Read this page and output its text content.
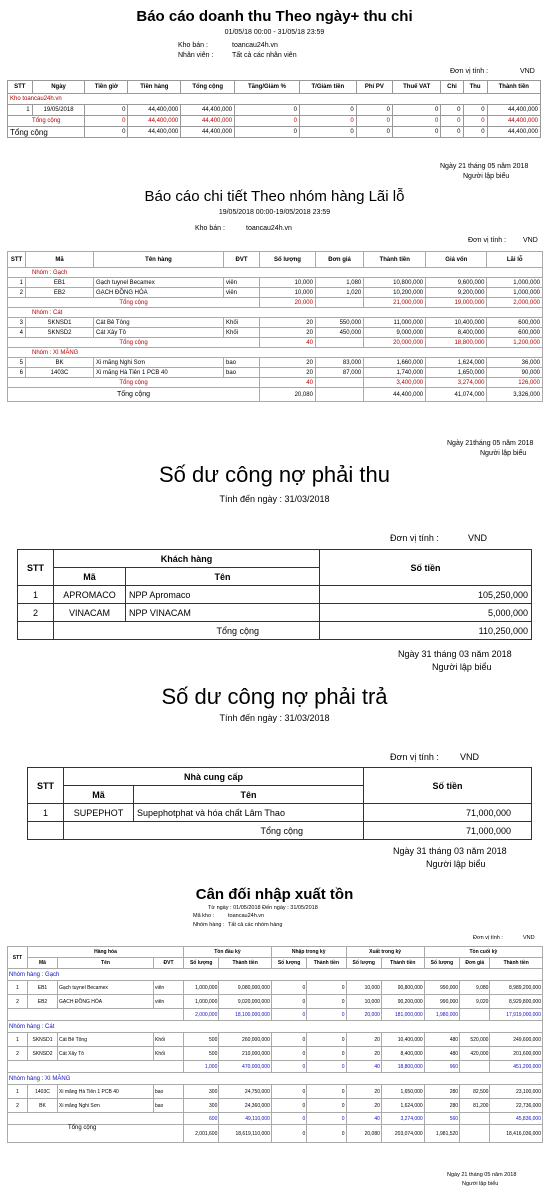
Báo cáo doanh thu Theo ngày+ thu chi
01/05/18 00:00 - 31/05/18 23:59
Kho bán :	toancau24h.vn
Nhân viên :	Tất cả các nhân viên
Đơn vị tính :	VND
STT	Ngày	Tiền giờ	Tiền hàng	Tổng cộng	Tăng/Giảm %	T/Giảm tiền	Phí PV	Thuế VAT	Chi	Thu	Thành tiền
Kho toancau24h.vn											
1	19/05/2018	0	44,400,000	44,400,000	0	0	0	0	0	0	44,400,000
Tổng cộng		0	44,400,000	44,400,000	0	0	0	0	0	0	44,400,000
Tổng cộng		0	44,400,000	44,400,000	0	0	0	0	0	0	44,400,000
Ngày 21 tháng 05 năm 2018
Người lập biểu
Báo cáo chi tiết Theo nhóm hàng Lãi lỗ
19/05/2018 00:00-19/05/2018 23:59
Kho bán :	toancau24h.vn
Đơn vị tính : VND
STT	Mã	Tên hàng	ĐVT	Số lượng	Đơn giá	Thành tiền	Giá vốn	Lãi lỗ
Nhóm : Gạch								
1	EB1	Gạch tuynel Becamex	viên	10,000	1,080	10,800,000	9,600,000	1,000,000
2	EB2	GẠCH ĐỒNG HÓA	viên	10,000	1,020	10,200,000	9,200,000	1,000,000
Tổng cộng				20,000		21,000,000	19,000,000	2,000,000
Nhóm : Cát								
3	SKNSD1	Cát Bê Tông	Khối	20	550,000	11,000,000	10,400,000	600,000
4	SKNSD2	Cát Xây Tô	Khối	20	450,000	9,000,000	8,400,000	600,000
Tổng cộng				40		20,000,000	18,800,000	1,200,000
Nhóm : XI MĂNG								
5	BK	Xi măng Nghi Sơn	bao	20	83,000	1,660,000	1,624,000	36,000
6	1403C	Xi măng Hà Tiên 1 PCB 40	bao	20	87,000	1,740,000	1,650,000	90,000
Tổng cộng				40		3,400,000	3,274,000	126,000
Tổng cộng				20,080		44,400,000	41,074,000	3,326,000
Ngày 21tháng 05 năm 2018
Người lập biểu
Số dư công nợ phải thu
Tính đến ngày : 31/03/2018
Đơn vị tính :	VND
STT	Khách hàng		Số tiền
	Mã	Tên	
1	APROMACO	NPP Apromaco	105,250,000
2	VINACAM	NPP VINACAM	5,000,000
	Tổng cộng		110,250,000
Ngày 31 tháng 03 năm 2018
Người lập biểu
Số dư công nợ phải trả
Tính đến ngày : 31/03/2018
Đơn vị tính : VND
STT	Nhà cung cấp		Số tiền
	Mã	Tên	
1	SUPEPHOT	Supephotphat và hóa chất Lâm Thao	71,000,000
	Tổng cộng		71,000,000
Ngày 31 tháng 03 năm 2018
Người lập biểu
Cân đối nhập xuất tồn
Từ ngày : 01/05/2018 Đến ngày : 31/05/2018
Mã kho :	toancau24h.vn
Nhóm hàng : Tất cả các nhóm hàng
Đơn vị tính :	VND
STT	Hàng hóa			Tồn đầu kỳ		Nhập trong kỳ		Xuất trong kỳ		Tồn cuối kỳ		
	Mã	Tên	ĐVT	Số lượng	Thành tiền	Số lượng	Thành tiền	Số lượng	Thành tiền	Số lượng	Đơn giá	Thành tiền
Nhóm hàng : Gạch												
1	EB1	Gạch tuynel Becamex	viên	1,000,000	9,080,000,000	0	0	10,000	90,800,000	990,000	9,080	8,989,200,000
2	EB2	GẠCH ĐỒNG HÓA	viên	1,000,000	9,020,000,000	0	0	10,000	90,200,000	990,000	9,020	8,929,800,000
				2,000,000	18,100,000,000	0	0	20,000	181,000,000	1,980,000		17,919,000,000
Nhóm hàng : Cát												
1	SKNSD1	Cát Bê Tông	Khối	500	260,000,000	0	0	20	10,400,000	480	520,000	249,600,000
2	SKNSD2	Cát Xây Tô	Khối	500	210,000,000	0	0	20	8,400,000	480	420,000	201,600,000
				1,000	470,000,000	0	0	40	18,800,000	960		451,200,000
Nhóm hàng : XI MĂNG												
1	1403C	Xi măng Hà Tiên 1 PCB 40	bao	300	24,750,000	0	0	20	1,650,000	280	82,500	23,100,000
2	BK	Xi măng Nghi Sơn	bao	300	24,360,000	0	0	20	1,624,000	280	81,200	22,736,000
				600	49,110,000	0	0	40	3,274,000	560		45,836,000
Tổng cộng				2,001,600	18,619,110,000	0	0	20,080	203,074,000	1,981,520		18,416,036,000
Ngày 21 tháng 05 năm 2018
Người lập biểu
